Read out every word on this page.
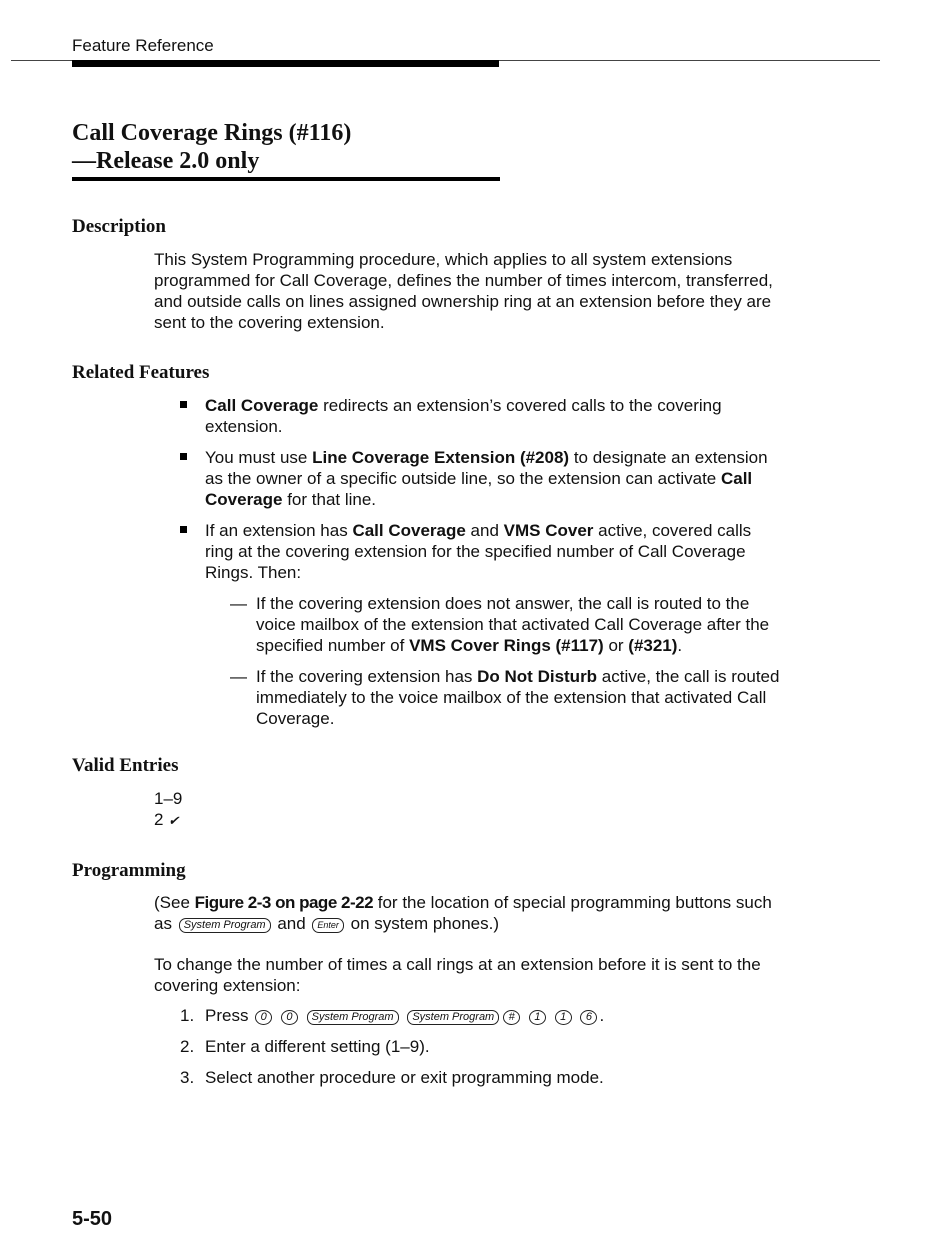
Feature Reference
Call Coverage Rings (#116)
—Release 2.0 only
Description
This System Programming procedure, which applies to all system extensions programmed for Call Coverage, defines the number of times intercom, transferred, and outside calls on lines assigned ownership ring at an extension before they are sent to the covering extension.
Related Features
Call Coverage redirects an extension’s covered calls to the covering extension.
You must use Line Coverage Extension (#208) to designate an extension as the owner of a specific outside line, so the extension can activate Call Coverage for that line.
If an extension has Call Coverage and VMS Cover active, covered calls ring at the covering extension for the specified number of Call Coverage Rings. Then:
— If the covering extension does not answer, the call is routed to the voice mailbox of the extension that activated Call Coverage after the specified number of VMS Cover Rings (#117) or (#321).
— If the covering extension has Do Not Disturb active, the call is routed immediately to the voice mailbox of the extension that activated Call Coverage.
Valid Entries
1–9
2 ✔
Programming
(See Figure 2-3 on page 2-22 for the location of special programming buttons such as System Program and Enter on system phones.)
To change the number of times a call rings at an extension before it is sent to the covering extension:
1. Press 0 0 System Program System Program # 1 1 6 .
2. Enter a different setting (1–9).
3. Select another procedure or exit programming mode.
5-50
